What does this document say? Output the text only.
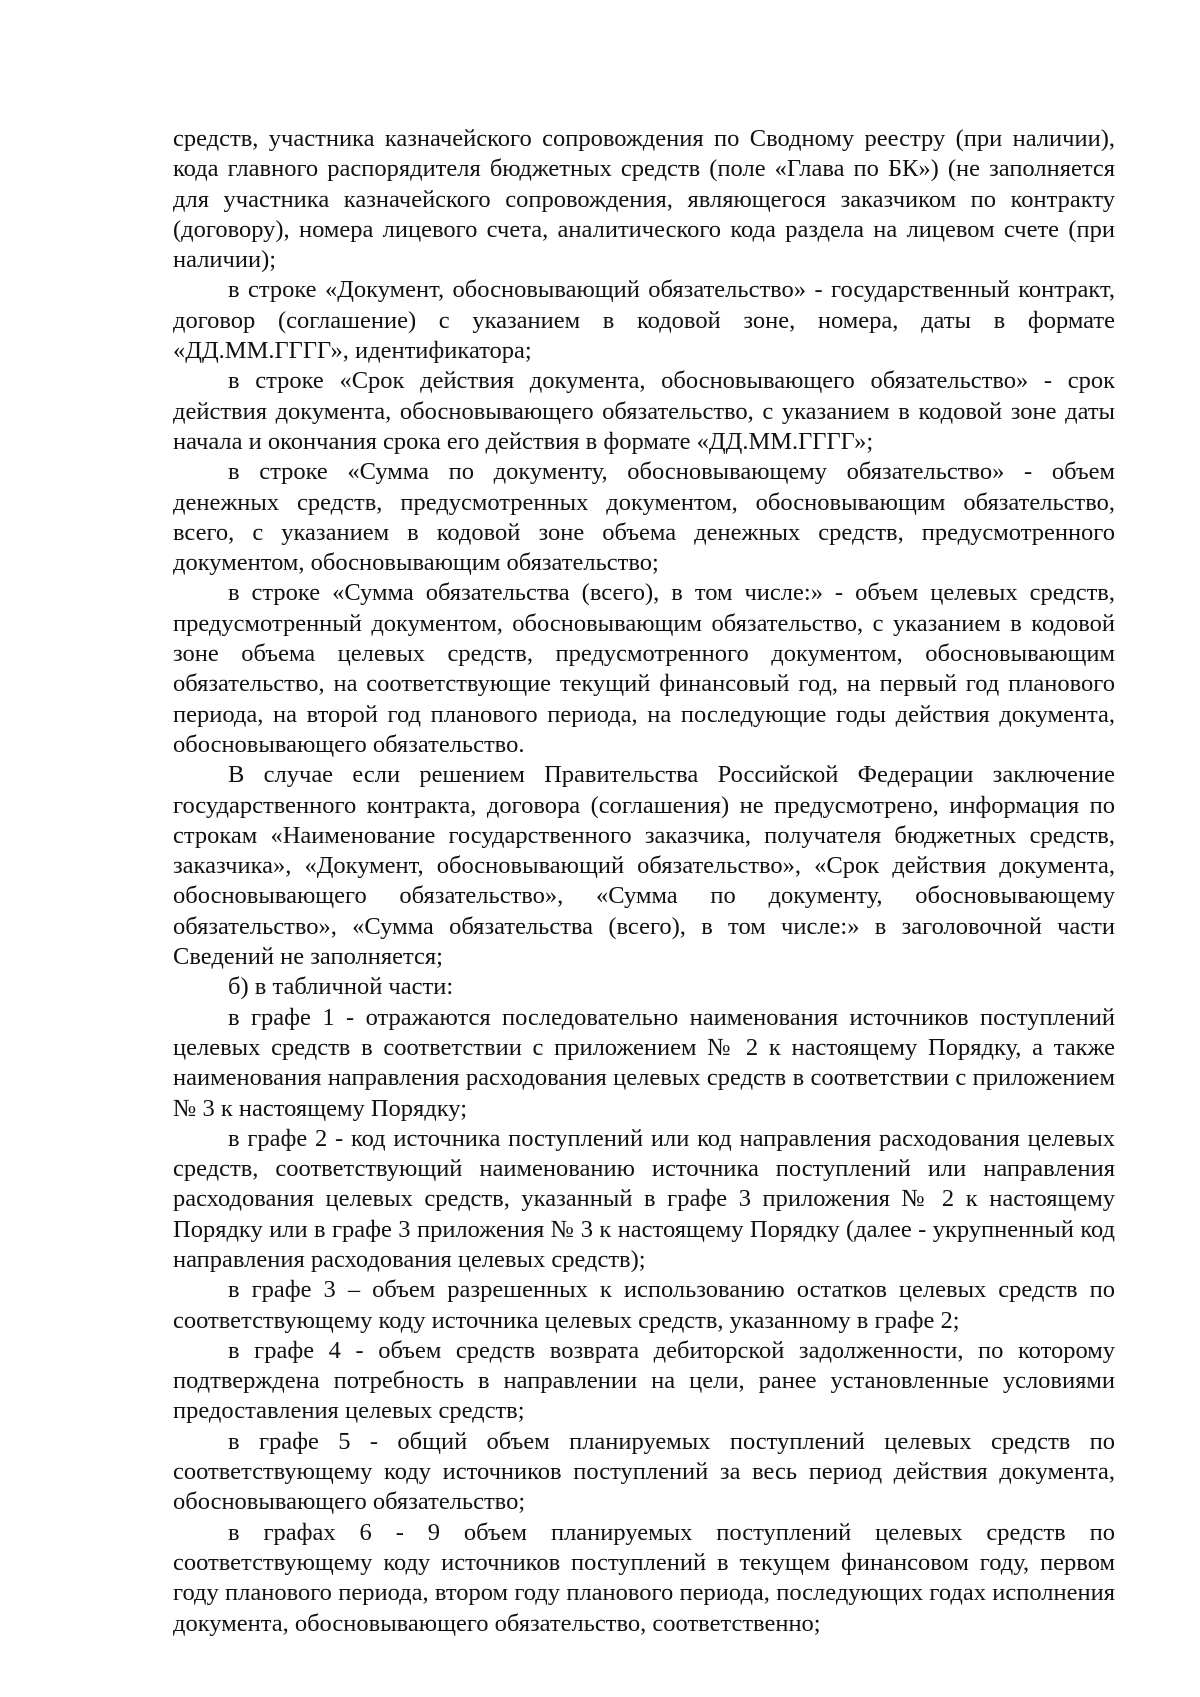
средств, участника казначейского сопровождения по Сводному реестру (при наличии), кода главного распорядителя бюджетных средств (поле «Глава по БК») (не заполняется для участника казначейского сопровождения, являющегося заказчиком по контракту (договору), номера лицевого счета, аналитического кода раздела на лицевом счете (при наличии);

в строке «Документ, обосновывающий обязательство» - государственный контракт, договор (соглашение) с указанием в кодовой зоне, номера, даты в формате «ДД.ММ.ГГГГ», идентификатора;

в строке «Срок действия документа, обосновывающего обязательство» - срок действия документа, обосновывающего обязательство, с указанием в кодовой зоне даты начала и окончания срока его действия в формате «ДД.ММ.ГГГГ»;

в строке «Сумма по документу, обосновывающему обязательство» - объем денежных средств, предусмотренных документом, обосновывающим обязательство, всего, с указанием в кодовой зоне объема денежных средств, предусмотренного документом, обосновывающим обязательство;

в строке «Сумма обязательства (всего), в том числе:» - объем целевых средств, предусмотренный документом, обосновывающим обязательство, с указанием в кодовой зоне объема целевых средств, предусмотренного документом, обосновывающим обязательство, на соответствующие текущий финансовый год, на первый год планового периода, на второй год планового периода, на последующие годы действия документа, обосновывающего обязательство.

В случае если решением Правительства Российской Федерации заключение государственного контракта, договора (соглашения) не предусмотрено, информация по строкам «Наименование государственного заказчика, получателя бюджетных средств, заказчика», «Документ, обосновывающий обязательство», «Срок действия документа, обосновывающего обязательство», «Сумма по документу, обосновывающему обязательство», «Сумма обязательства (всего), в том числе:» в заголовочной части Сведений не заполняется;

б) в табличной части:

в графе 1 - отражаются последовательно наименования источников поступлений целевых средств в соответствии с приложением № 2 к настоящему Порядку, а также наименования направления расходования целевых средств в соответствии с приложением № 3 к настоящему Порядку;

в графе 2 - код источника поступлений или код направления расходования целевых средств, соответствующий наименованию источника поступлений или направления расходования целевых средств, указанный в графе 3 приложения № 2 к настоящему Порядку или в графе 3 приложения № 3 к настоящему Порядку (далее - укрупненный код направления расходования целевых средств);

в графе 3 – объем разрешенных к использованию остатков целевых средств по соответствующему коду источника целевых средств, указанному в графе 2;

в графе 4 - объем средств возврата дебиторской задолженности, по которому подтверждена потребность в направлении на цели, ранее установленные условиями предоставления целевых средств;

в графе 5 - общий объем планируемых поступлений целевых средств по соответствующему коду источников поступлений за весь период действия документа, обосновывающего обязательство;

в графах 6 - 9 объем планируемых поступлений целевых средств по соответствующему коду источников поступлений в текущем финансовом году, первом году планового периода, втором году планового периода, последующих годах исполнения документа, обосновывающего обязательство, соответственно;
